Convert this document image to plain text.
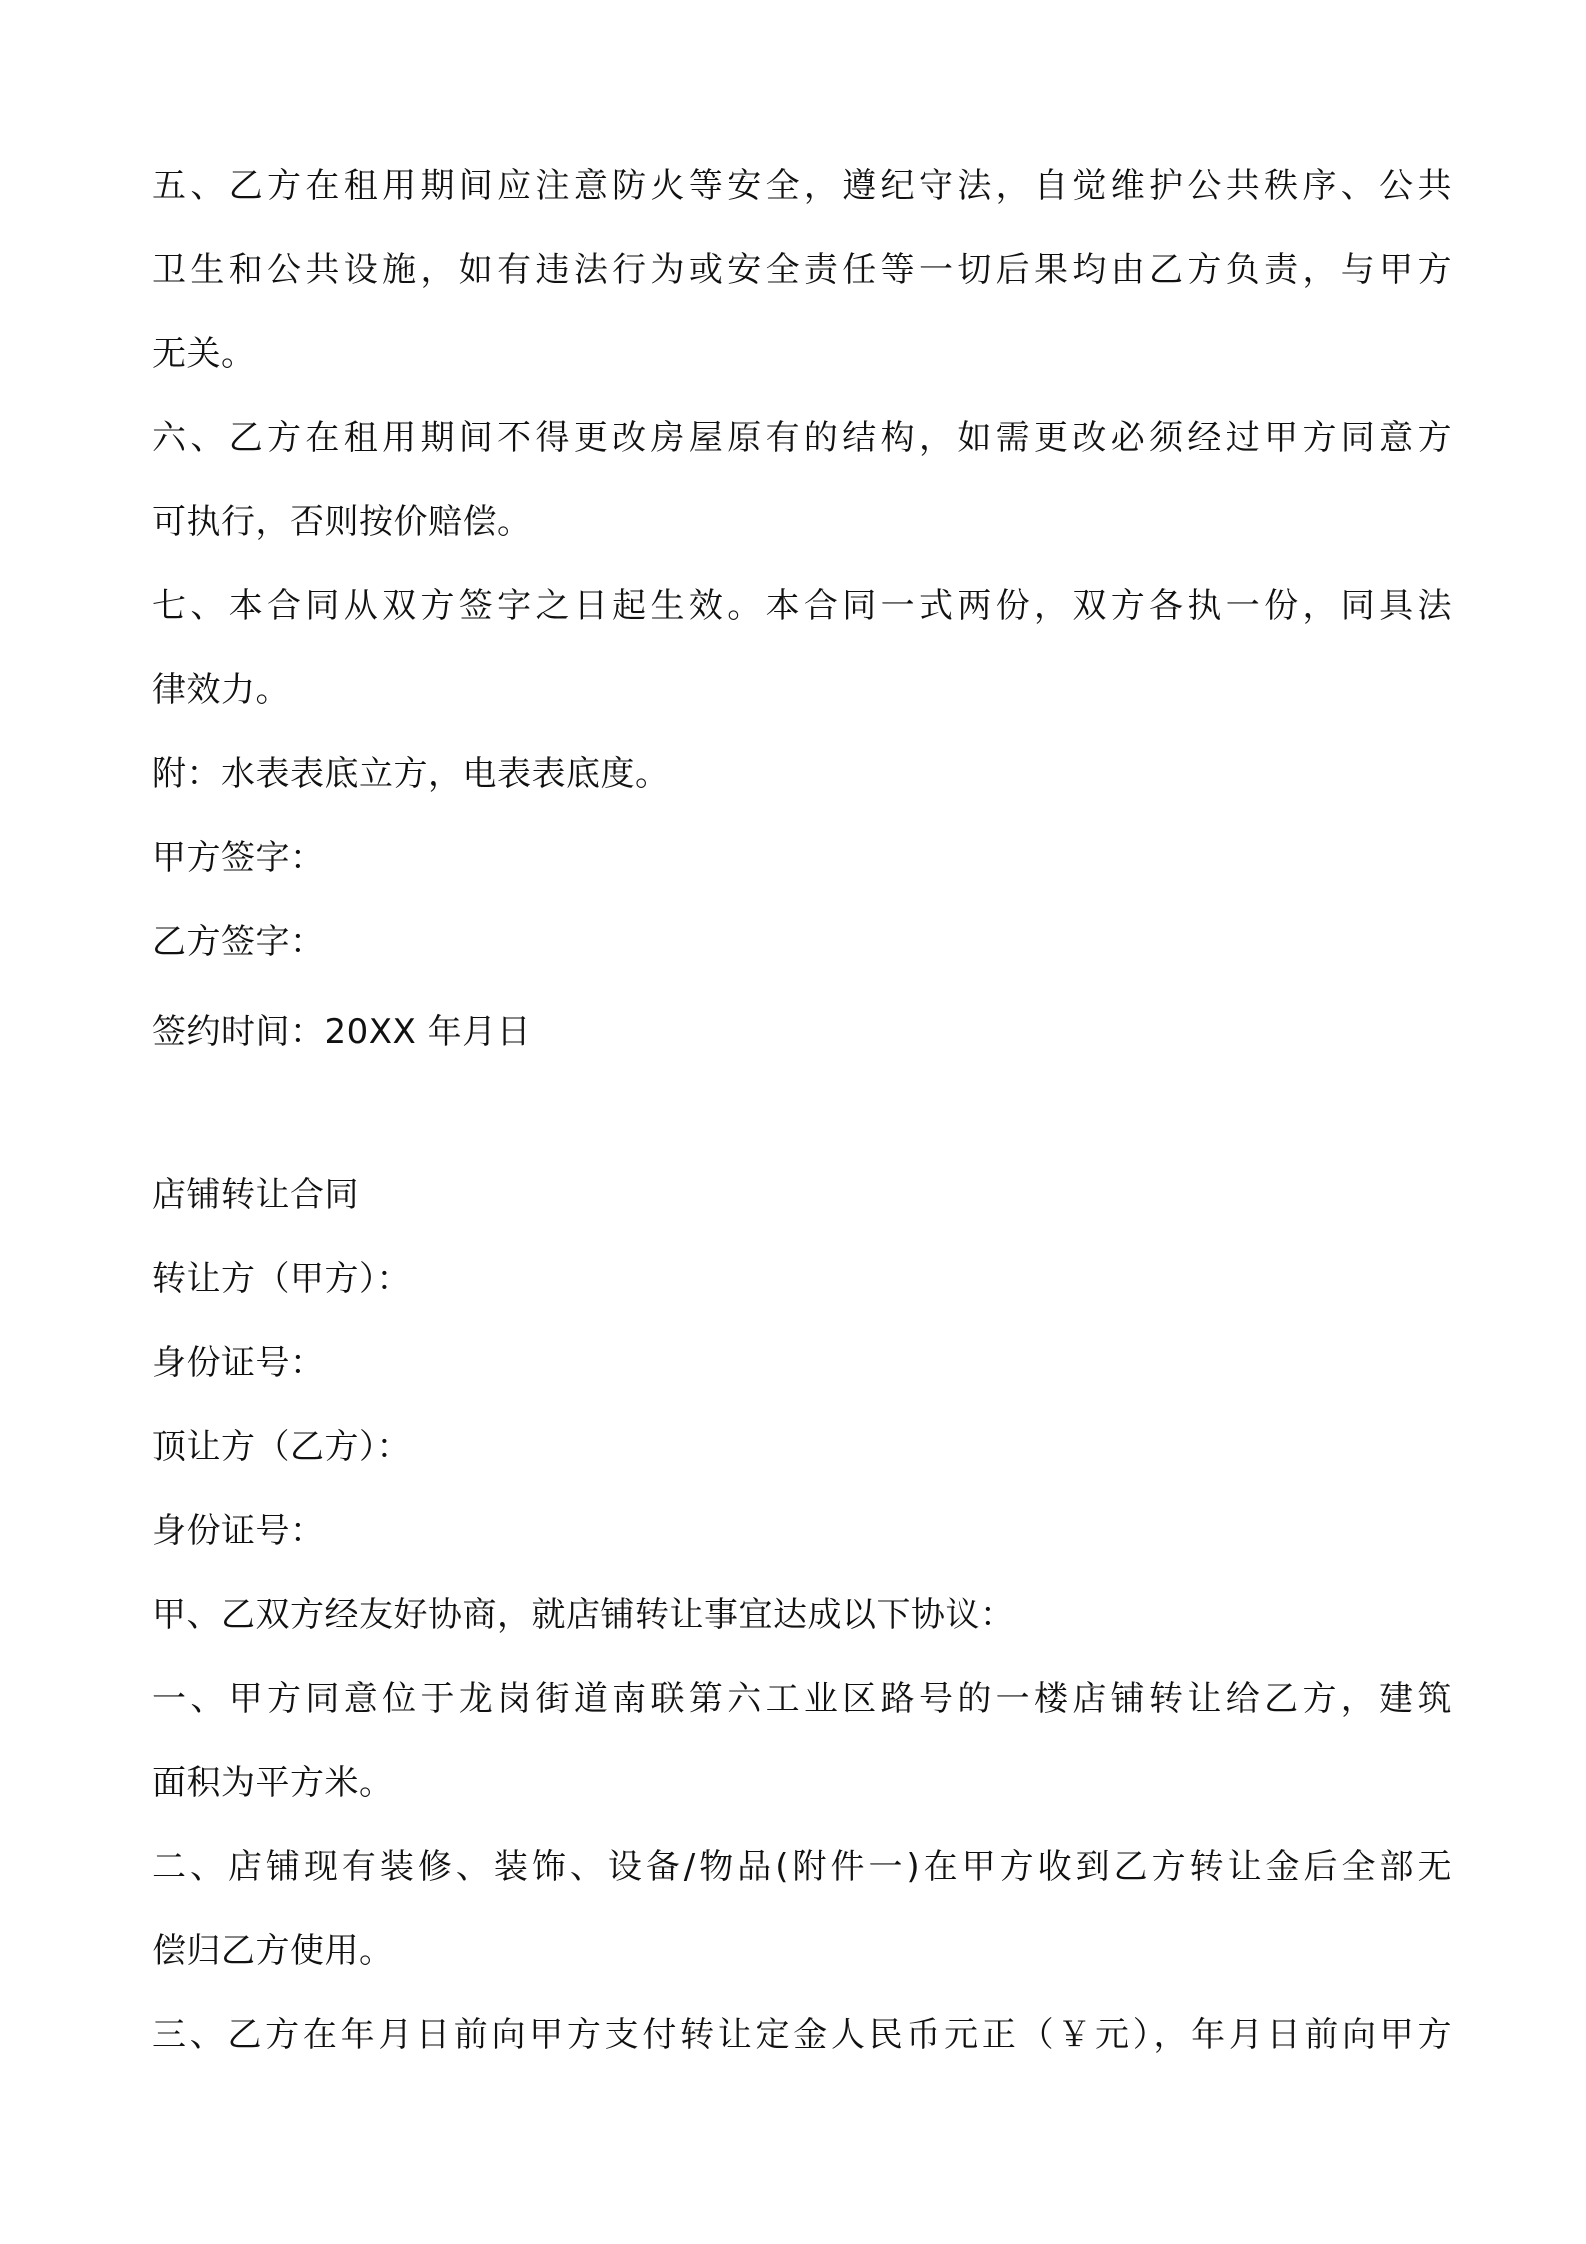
五、乙方在租用期间应注意防火等安全，遵纪守法，自觉维护公共秩序、公共
卫生和公共设施，如有违法行为或安全责任等一切后果均由乙方负责，与甲方
无关。
六、乙方在租用期间不得更改房屋原有的结构，如需更改必须经过甲方同意方
可执行，否则按价赔偿。
七、本合同从双方签字之日起生效。本合同一式两份，双方各执一份，同具法
律效力。
附：水表表底立方，电表表底度。
甲方签字：
乙方签字：
签约时间：20XX 年月日
店铺转让合同
转让方（甲方）：
身份证号：
顶让方（乙方）：
身份证号：
甲、乙双方经友好协商，就店铺转让事宜达成以下协议：
一、甲方同意位于龙岗街道南联第六工业区路号的一楼店铺转让给乙方，建筑
面积为平方米。
二、店铺现有装修、装饰、设备/物品(附件一)在甲方收到乙方转让金后全部无
偿归乙方使用。
三、乙方在年月日前向甲方支付转让定金人民币元正（￥元），年月日前向甲方
